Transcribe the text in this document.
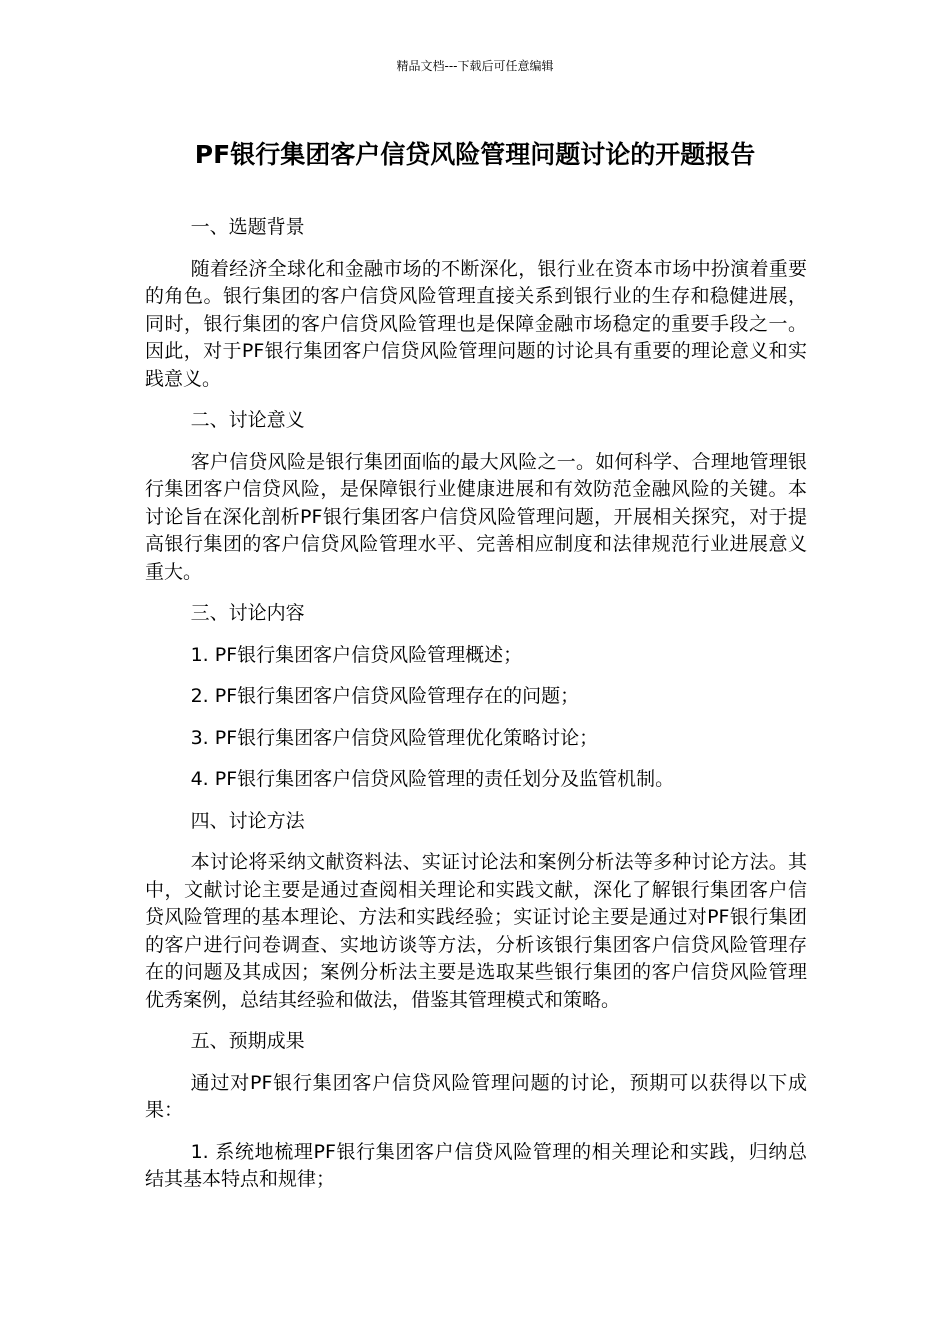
精品文档---下载后可任意编辑
PF银行集团客户信贷风险管理问题讨论的开题报告

一、选题背景

随着经济全球化和金融市场的不断深化，银行业在资本市场中扮演着重要的角色。银行集团的客户信贷风险管理直接关系到银行业的生存和稳健进展，同时，银行集团的客户信贷风险管理也是保障金融市场稳定的重要手段之一。因此，对于PF银行集团客户信贷风险管理问题的讨论具有重要的理论意义和实践意义。

二、讨论意义

客户信贷风险是银行集团面临的最大风险之一。如何科学、合理地管理银行集团客户信贷风险，是保障银行业健康进展和有效防范金融风险的关键。本讨论旨在深化剖析PF银行集团客户信贷风险管理问题，开展相关探究，对于提高银行集团的客户信贷风险管理水平、完善相应制度和法律规范行业进展意义重大。

三、讨论内容

1. PF银行集团客户信贷风险管理概述；

2. PF银行集团客户信贷风险管理存在的问题；

3. PF银行集团客户信贷风险管理优化策略讨论；

4. PF银行集团客户信贷风险管理的责任划分及监管机制。

四、讨论方法

本讨论将采纳文献资料法、实证讨论法和案例分析法等多种讨论方法。其中，文献讨论主要是通过查阅相关理论和实践文献，深化了解银行集团客户信贷风险管理的基本理论、方法和实践经验；实证讨论主要是通过对PF银行集团的客户进行问卷调查、实地访谈等方法，分析该银行集团客户信贷风险管理存在的问题及其成因；案例分析法主要是选取某些银行集团的客户信贷风险管理优秀案例，总结其经验和做法，借鉴其管理模式和策略。

五、预期成果

通过对PF银行集团客户信贷风险管理问题的讨论，预期可以获得以下成果：

1. 系统地梳理PF银行集团客户信贷风险管理的相关理论和实践，归纳总结其基本特点和规律；
